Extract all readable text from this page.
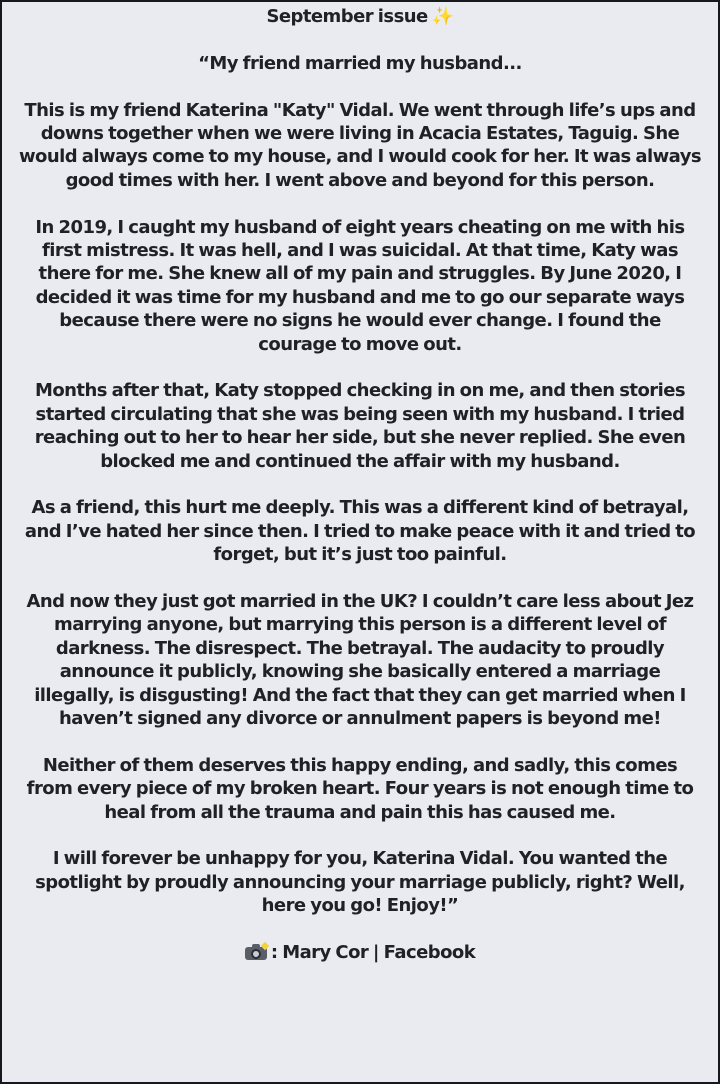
September issue ✨

“My friend married my husband...

This is my friend Katerina "Katy" Vidal. We went through life’s ups and downs together when we were living in Acacia Estates, Taguig. She would always come to my house, and I would cook for her. It was always good times with her. I went above and beyond for this person.

In 2019, I caught my husband of eight years cheating on me with his first mistress. It was hell, and I was suicidal. At that time, Katy was there for me. She knew all of my pain and struggles. By June 2020, I decided it was time for my husband and me to go our separate ways because there were no signs he would ever change. I found the courage to move out.

Months after that, Katy stopped checking in on me, and then stories started circulating that she was being seen with my husband. I tried reaching out to her to hear her side, but she never replied. She even blocked me and continued the affair with my husband.

As a friend, this hurt me deeply. This was a different kind of betrayal, and I’ve hated her since then. I tried to make peace with it and tried to forget, but it’s just too painful.

And now they just got married in the UK? I couldn’t care less about Jez marrying anyone, but marrying this person is a different level of darkness. The disrespect. The betrayal. The audacity to proudly announce it publicly, knowing she basically entered a marriage illegally, is disgusting! And the fact that they can get married when I haven’t signed any divorce or annulment papers is beyond me!

Neither of them deserves this happy ending, and sadly, this comes from every piece of my broken heart. Four years is not enough time to heal from all the trauma and pain this has caused me.

I will forever be unhappy for you, Katerina Vidal. You wanted the spotlight by proudly announcing your marriage publicly, right? Well, here you go! Enjoy!”

: Mary Cor | Facebook
